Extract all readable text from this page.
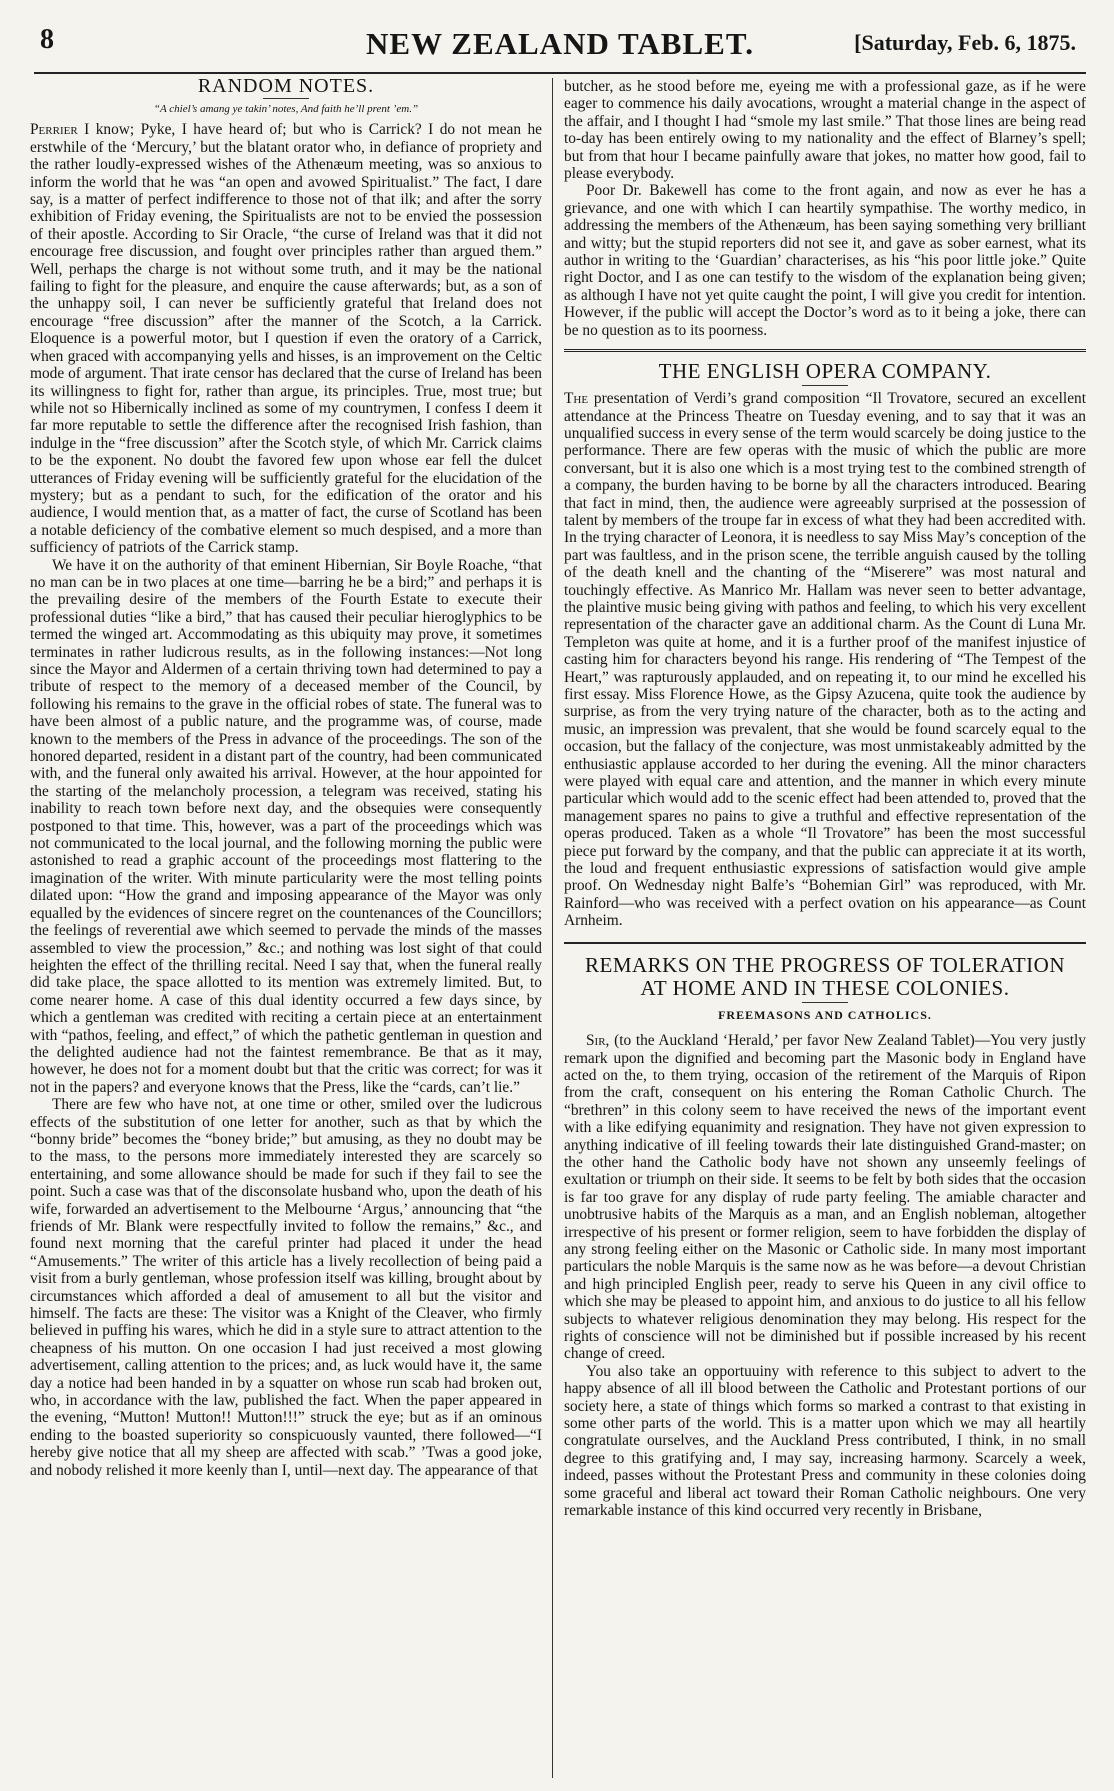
8	NEW ZEALAND TABLET.	[Saturday, Feb. 6, 1875.
RANDOM NOTES.
“A chiel’s amang ye takin’ notes, And faith he’ll prent ’em.”

Perrier I know; Pyke, I have heard of; but who is Carrick? I do not mean he erstwhile of the ‘Mercury,’ but the blatant orator who, in defiance of propriety and the rather loudly-expressed wishes of the Athenæum meeting, was so anxious to inform the world that he was “an open and avowed Spiritualist.” The fact, I dare say, is a matter of perfect indifference to those not of that ilk; and after the sorry exhibition of Friday evening, the Spiritualists are not to be envied the possession of their apostle. According to Sir Oracle, “the curse of Ireland was that it did not encourage free discussion, and fought over principles rather than argued them.” Well, perhaps the charge is not without some truth, and it may be the national failing to fight for the pleasure, and enquire the cause afterwards; but, as a son of the unhappy soil, I can never be sufficiently grateful that Ireland does not encourage “free discussion” after the manner of the Scotch, a la Carrick. Eloquence is a powerful motor, but I question if even the oratory of a Carrick, when graced with accompanying yells and hisses, is an improvement on the Celtic mode of argument. That irate censor has declared that the curse of Ireland has been its willingness to fight for, rather than argue, its principles. True, most true; but while not so Hibernically inclined as some of my countrymen, I confess I deem it far more reputable to settle the difference after the recognised Irish fashion, than indulge in the “free discussion” after the Scotch style, of which Mr. Carrick claims to be the exponent. No doubt the favored few upon whose ear fell the dulcet utterances of Friday evening will be sufficiently grateful for the elucidation of the mystery; but as a pendant to such, for the edification of the orator and his audience, I would mention that, as a matter of fact, the curse of Scotland has been a notable deficiency of the combative element so much despised, and a more than sufficiency of patriots of the Carrick stamp.

We have it on the authority of that eminent Hibernian, Sir Boyle Roache, “that no man can be in two places at one time—barring he be a bird;” and perhaps it is the prevailing desire of the members of the Fourth Estate to execute their professional duties “like a bird,” that has caused their peculiar hieroglyphics to be termed the winged art. Accommodating as this ubiquity may prove, it sometimes terminates in rather ludicrous results, as in the following instances:—Not long since the Mayor and Aldermen of a certain thriving town had determined to pay a tribute of respect to the memory of a deceased member of the Council, by following his remains to the grave in the official robes of state. The funeral was to have been almost of a public nature, and the programme was, of course, made known to the members of the Press in advance of the proceedings. The son of the honored departed, resident in a distant part of the country, had been communicated with, and the funeral only awaited his arrival. However, at the hour appointed for the starting of the melancholy procession, a telegram was received, stating his inability to reach town before next day, and the obsequies were consequently postponed to that time. This, however, was a part of the proceedings which was not communicated to the local journal, and the following morning the public were astonished to read a graphic account of the proceedings most flattering to the imagination of the writer. With minute particularity were the most telling points dilated upon: “How the grand and imposing appearance of the Mayor was only equalled by the evidences of sincere regret on the countenances of the Councillors; the feelings of reverential awe which seemed to pervade the minds of the masses assembled to view the procession,” &c.; and nothing was lost sight of that could heighten the effect of the thrilling recital. Need I say that, when the funeral really did take place, the space allotted to its mention was extremely limited. But, to come nearer home. A case of this dual identity occurred a few days since, by which a gentleman was credited with reciting a certain piece at an entertainment with “pathos, feeling, and effect,” of which the pathetic gentleman in question and the delighted audience had not the faintest remembrance. Be that as it may, however, he does not for a moment doubt but that the critic was correct; for was it not in the papers? and everyone knows that the Press, like the “cards, can’t lie.”

There are few who have not, at one time or other, smiled over the ludicrous effects of the substitution of one letter for another, such as that by which the “bonny bride” becomes the “boney bride;” but amusing, as they no doubt may be to the mass, to the persons more immediately interested they are scarcely so entertaining, and some allowance should be made for such if they fail to see the point. Such a case was that of the disconsolate husband who, upon the death of his wife, forwarded an advertisement to the Melbourne ‘Argus,’ announcing that “the friends of Mr. Blank were respectfully invited to follow the remains,” &c., and found next morning that the careful printer had placed it under the head “Amusements.” The writer of this article has a lively recollection of being paid a visit from a burly gentleman, whose profession itself was killing, brought about by circumstances which afforded a deal of amusement to all but the visitor and himself. The facts are these: The visitor was a Knight of the Cleaver, who firmly believed in puffing his wares, which he did in a style sure to attract attention to the cheapness of his mutton. On one occasion I had just received a most glowing advertisement, calling attention to the prices; and, as luck would have it, the same day a notice had been handed in by a squatter on whose run scab had broken out, who, in accordance with the law, published the fact. When the paper appeared in the evening, “Mutton! Mutton!! Mutton!!!” struck the eye; but as if an ominous ending to the boasted superiority so conspicuously vaunted, there followed—“I hereby give notice that all my sheep are affected with scab.” ’Twas a good joke, and nobody relished it more keenly than I, until—next day. The appearance of that

butcher, as he stood before me, eyeing me with a professional gaze, as if he were eager to commence his daily avocations, wrought a material change in the aspect of the affair, and I thought I had “smole my last smile.” That those lines are being read to-day has been entirely owing to my nationality and the effect of Blarney’s spell; but from that hour I became painfully aware that jokes, no matter how good, fail to please everybody.

Poor Dr. Bakewell has come to the front again, and now as ever he has a grievance, and one with which I can heartily sympathise. The worthy medico, in addressing the members of the Athenæum, has been saying something very brilliant and witty; but the stupid reporters did not see it, and gave as sober earnest, what its author in writing to the ‘Guardian’ characterises, as his “his poor little joke.” Quite right Doctor, and I as one can testify to the wisdom of the explanation being given; as although I have not yet quite caught the point, I will give you credit for intention. However, if the public will accept the Doctor’s word as to it being a joke, there can be no question as to its poorness.

THE ENGLISH OPERA COMPANY.

The presentation of Verdi’s grand composition “Il Trovatore, secured an excellent attendance at the Princess Theatre on Tuesday evening, and to say that it was an unqualified success in every sense of the term would scarcely be doing justice to the performance. There are few operas with the music of which the public are more conversant, but it is also one which is a most trying test to the combined strength of a company, the burden having to be borne by all the characters introduced. Bearing that fact in mind, then, the audience were agreeably surprised at the possession of talent by members of the troupe far in excess of what they had been accredited with. In the trying character of Leonora, it is needless to say Miss May’s conception of the part was faultless, and in the prison scene, the terrible anguish caused by the tolling of the death knell and the chanting of the “Miserere” was most natural and touchingly effective. As Manrico Mr. Hallam was never seen to better advantage, the plaintive music being giving with pathos and feeling, to which his very excellent representation of the character gave an additional charm. As the Count di Luna Mr. Templeton was quite at home, and it is a further proof of the manifest injustice of casting him for characters beyond his range. His rendering of “The Tempest of the Heart,” was rapturously applauded, and on repeating it, to our mind he excelled his first essay. Miss Florence Howe, as the Gipsy Azucena, quite took the audience by surprise, as from the very trying nature of the character, both as to the acting and music, an impression was prevalent, that she would be found scarcely equal to the occasion, but the fallacy of the conjecture, was most unmistakeably admitted by the enthusiastic applause accorded to her during the evening. All the minor characters were played with equal care and attention, and the manner in which every minute particular which would add to the scenic effect had been attended to, proved that the management spares no pains to give a truthful and effective representation of the operas produced. Taken as a whole “Il Trovatore” has been the most successful piece put forward by the company, and that the public can appreciate it at its worth, the loud and frequent enthusiastic expressions of satisfaction would give ample proof. On Wednesday night Balfe’s “Bohemian Girl” was reproduced, with Mr. Rainford—who was received with a perfect ovation on his appearance—as Count Arnheim.

REMARKS ON THE PROGRESS OF TOLERATION
AT HOME AND IN THESE COLONIES.
FREEMASONS AND CATHOLICS.

Sir, (to the Auckland ‘Herald,’ per favor New Zealand Tablet)—You very justly remark upon the dignified and becoming part the Masonic body in England have acted on the, to them trying, occasion of the retirement of the Marquis of Ripon from the craft, consequent on his entering the Roman Catholic Church. The “brethren” in this colony seem to have received the news of the important event with a like edifying equanimity and resignation. They have not given expression to anything indicative of ill feeling towards their late distinguished Grand-master; on the other hand the Catholic body have not shown any unseemly feelings of exultation or triumph on their side. It seems to be felt by both sides that the occasion is far too grave for any display of rude party feeling. The amiable character and unobtrusive habits of the Marquis as a man, and an English nobleman, altogether irrespective of his present or former religion, seem to have forbidden the display of any strong feeling either on the Masonic or Catholic side. In many most important particulars the noble Marquis is the same now as he was before—a devout Christian and high principled English peer, ready to serve his Queen in any civil office to which she may be pleased to appoint him, and anxious to do justice to all his fellow subjects to whatever religious denomination they may belong. His respect for the rights of conscience will not be diminished but if possible increased by his recent change of creed.

You also take an opportuuiny with reference to this subject to advert to the happy absence of all ill blood between the Catholic and Protestant portions of our society here, a state of things which forms so marked a contrast to that existing in some other parts of the world. This is a matter upon which we may all heartily congratulate ourselves, and the Auckland Press contributed, I think, in no small degree to this gratifying and, I may say, increasing harmony. Scarcely a week, indeed, passes without the Protestant Press and community in these colonies doing some graceful and liberal act toward their Roman Catholic neighbours. One very remarkable instance of this kind occurred very recently in Brisbane,
